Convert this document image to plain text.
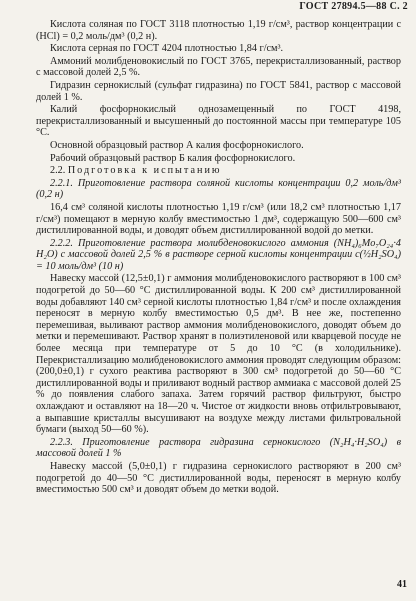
ГОСТ 27894.5—88 С. 2

Кислота соляная по ГОСТ 3118 плотностью 1,19 г/см³, раствор концентрации с (HCl) = 0,2 моль/дм³ (0,2 н).

Кислота серная по ГОСТ 4204 плотностью 1,84 г/см³.

Аммоний молибденовокислый по ГОСТ 3765, перекристаллизованный, раствор с массовой долей 2,5 %.

Гидразин сернокислый (сульфат гидразина) по ГОСТ 5841, раствор с массовой долей 1 %.

Калий фосфорнокислый однозамещенный по ГОСТ 4198, перекристаллизованный и высушенный до постоянной массы при температуре 105 °С.

Основной образцовый раствор А калия фосфорнокислого.

Рабочий образцовый раствор Б калия фосфорнокислого.

2.2. Подготовка к испытанию

2.2.1. Приготовление раствора соляной кислоты концентрации 0,2 моль/дм³ (0,2 н)

16,4 см³ соляной кислоты плотностью 1,19 г/см³ (или 18,2 см³ плотностью 1,17 г/см³) помещают в мерную колбу вместимостью 1 дм³, содержащую 500—600 см³ дистиллированной воды, и доводят объем дистиллированной водой до метки.

2.2.2. Приготовление раствора молибденовокислого аммония (NH₄)₆Mo₇O₂₄·4 H₂O) с массовой долей 2,5 % в растворе серной кислоты концентрации с(½H₂SO₄) = 10 моль/дм³ (10 н)

Навеску массой (12,5±0,1) г аммония молибденовокислого растворяют в 100 см³ подогретой до 50—60 °С дистиллированной воды. К 200 см³ дистиллированной воды добавляют 140 см³ серной кислоты плотностью 1,84 г/см³ и после охлаждения переносят в мерную колбу вместимостью 0,5 дм³. В нее же, постепенно перемешивая, выливают раствор аммония молибденовокислого, доводят объем до метки и перемешивают. Раствор хранят в полиэтиленовой или кварцевой посуде не более месяца при температуре от 5 до 10 °С (в холодильнике). Перекристаллизацию молибденовокислого аммония проводят следующим образом: (200,0±0,1) г сухого реактива растворяют в 300 см³ подогретой до 50—60 °С дистиллированной воды и приливают водный раствор аммиака с массовой долей 25 % до появления слабого запаха. Затем горячий раствор фильтруют, быстро охлаждают и оставляют на 18—20 ч. Чистое от жидкости вновь отфильтровывают, а выпавшие кристаллы высушивают на воздухе между листами фильтровальной бумаги (выход 50—60 %).

2.2.3. Приготовление раствора гидразина сернокислого (N₂H₄·H₂SO₄) в массовой долей 1 %

Навеску массой (5,0±0,1) г гидразина сернокислого растворяют в 200 см³ подогретой до 40—50 °С дистиллированной воды, переносят в мерную колбу вместимостью 500 см³ и доводят объем до метки водой.

41
